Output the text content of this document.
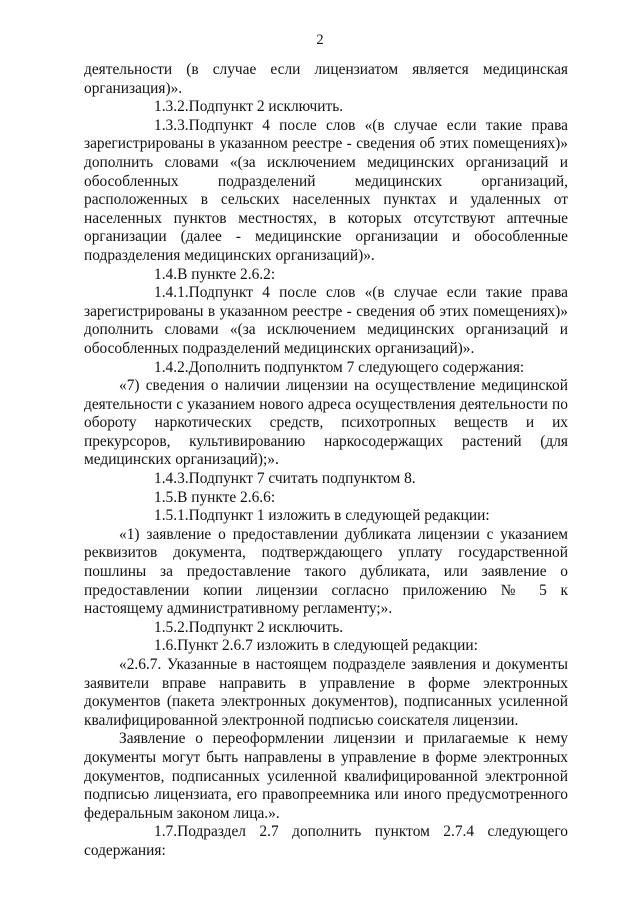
2

деятельности (в случае если лицензиатом является медицинская организация)».

1.3.2.Подпункт 2 исключить.

1.3.3.Подпункт 4 после слов «(в случае если такие права зарегистрированы в указанном реестре - сведения об этих помещениях)» дополнить словами «(за исключением медицинских организаций и обособленных подразделений медицинских организаций, расположенных в сельских населенных пунктах и удаленных от населенных пунктов местностях, в которых отсутствуют аптечные организации (далее - медицинские организации и обособленные подразделения медицинских организаций)».

1.4.В пункте 2.6.2:

1.4.1.Подпункт 4 после слов «(в случае если такие права зарегистрированы в указанном реестре - сведения об этих помещениях)» дополнить словами «(за исключением медицинских организаций и обособленных подразделений медицинских организаций)».

1.4.2.Дополнить подпунктом 7 следующего содержания:

«7) сведения о наличии лицензии на осуществление медицинской деятельности с указанием нового адреса осуществления деятельности по обороту наркотических средств, психотропных веществ и их прекурсоров, культивированию наркосодержащих растений (для медицинских организаций);».

1.4.3.Подпункт 7 считать подпунктом 8.

1.5.В пункте 2.6.6:

1.5.1.Подпункт 1 изложить в следующей редакции:

«1) заявление о предоставлении дубликата лицензии с указанием реквизитов документа, подтверждающего уплату государственной пошлины за предоставление такого дубликата, или заявление о предоставлении копии лицензии согласно приложению № 5 к настоящему административному регламенту;».

1.5.2.Подпункт 2 исключить.

1.6.Пункт 2.6.7 изложить в следующей редакции:

«2.6.7. Указанные в настоящем подразделе заявления и документы заявители вправе направить в управление в форме электронных документов (пакета электронных документов), подписанных усиленной квалифицированной электронной подписью соискателя лицензии.

Заявление о переоформлении лицензии и прилагаемые к нему документы могут быть направлены в управление в форме электронных документов, подписанных усиленной квалифицированной электронной подписью лицензиата, его правопреемника или иного предусмотренного федеральным законом лица.».

1.7.Подраздел 2.7 дополнить пунктом 2.7.4 следующего содержания:
